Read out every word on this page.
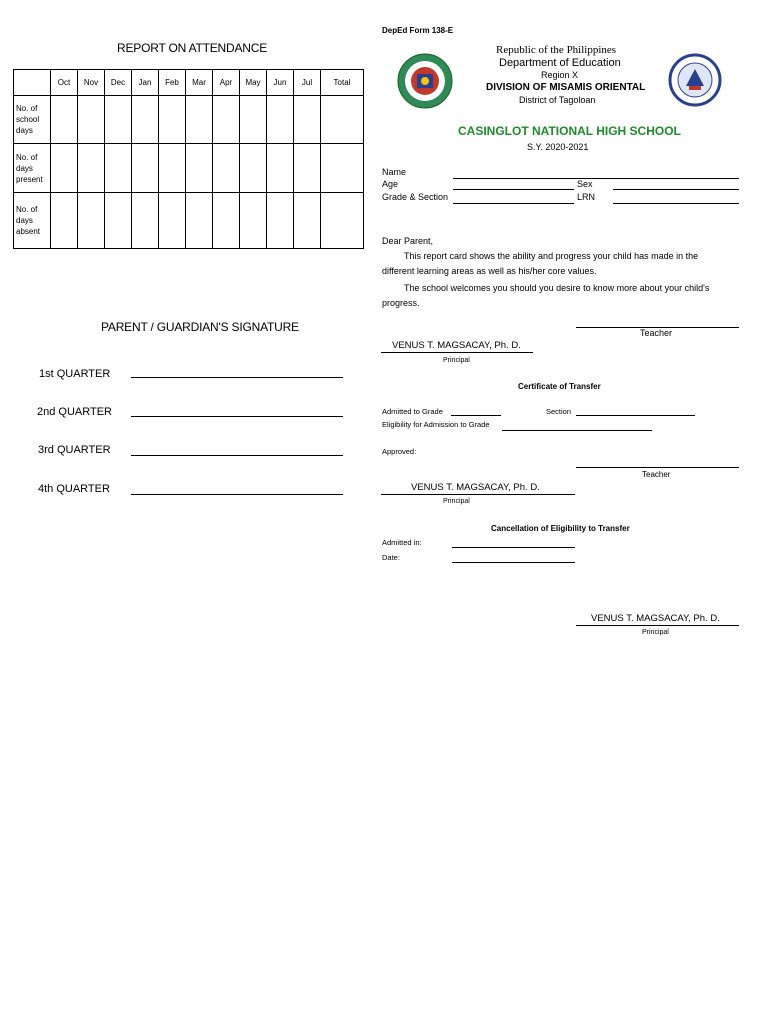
REPORT ON ATTENDANCE
	Oct	Nov	Dec	Jan	Feb	Mar	Apr	May	Jun	Jul	Total

No. of
school
days											

No. of
days
present											

No. of
days
absent											

PARENT / GUARDIAN'S SIGNATURE
1st QUARTER
2nd QUARTER
3rd QUARTER
4th QUARTER
DepEd Form 138-E
Republic of the Philippines
Department of Education
Region X
DIVISION OF MISAMIS ORIENTAL
District of Tagoloan
CASINGLOT NATIONAL HIGH SCHOOL
S.Y. 2020-2021
Name
Age	Sex
Grade & Section	LRN
Dear Parent,
This report card shows the ability and progress your child has made in the
different learning areas as well as his/her core values.
The school welcomes you should you desire to know more about your child's
progress.
Teacher
VENUS T. MAGSACAY, Ph. D.
Principal
Certificate of Transfer
Admitted to Grade	Section
Eligibility for Admission to Grade
Approved:
Teacher
VENUS T. MAGSACAY, Ph. D.
Principal
Cancellation of Eligibility to Transfer
Admitted in:
Date:
VENUS T. MAGSACAY, Ph. D.
Principal
